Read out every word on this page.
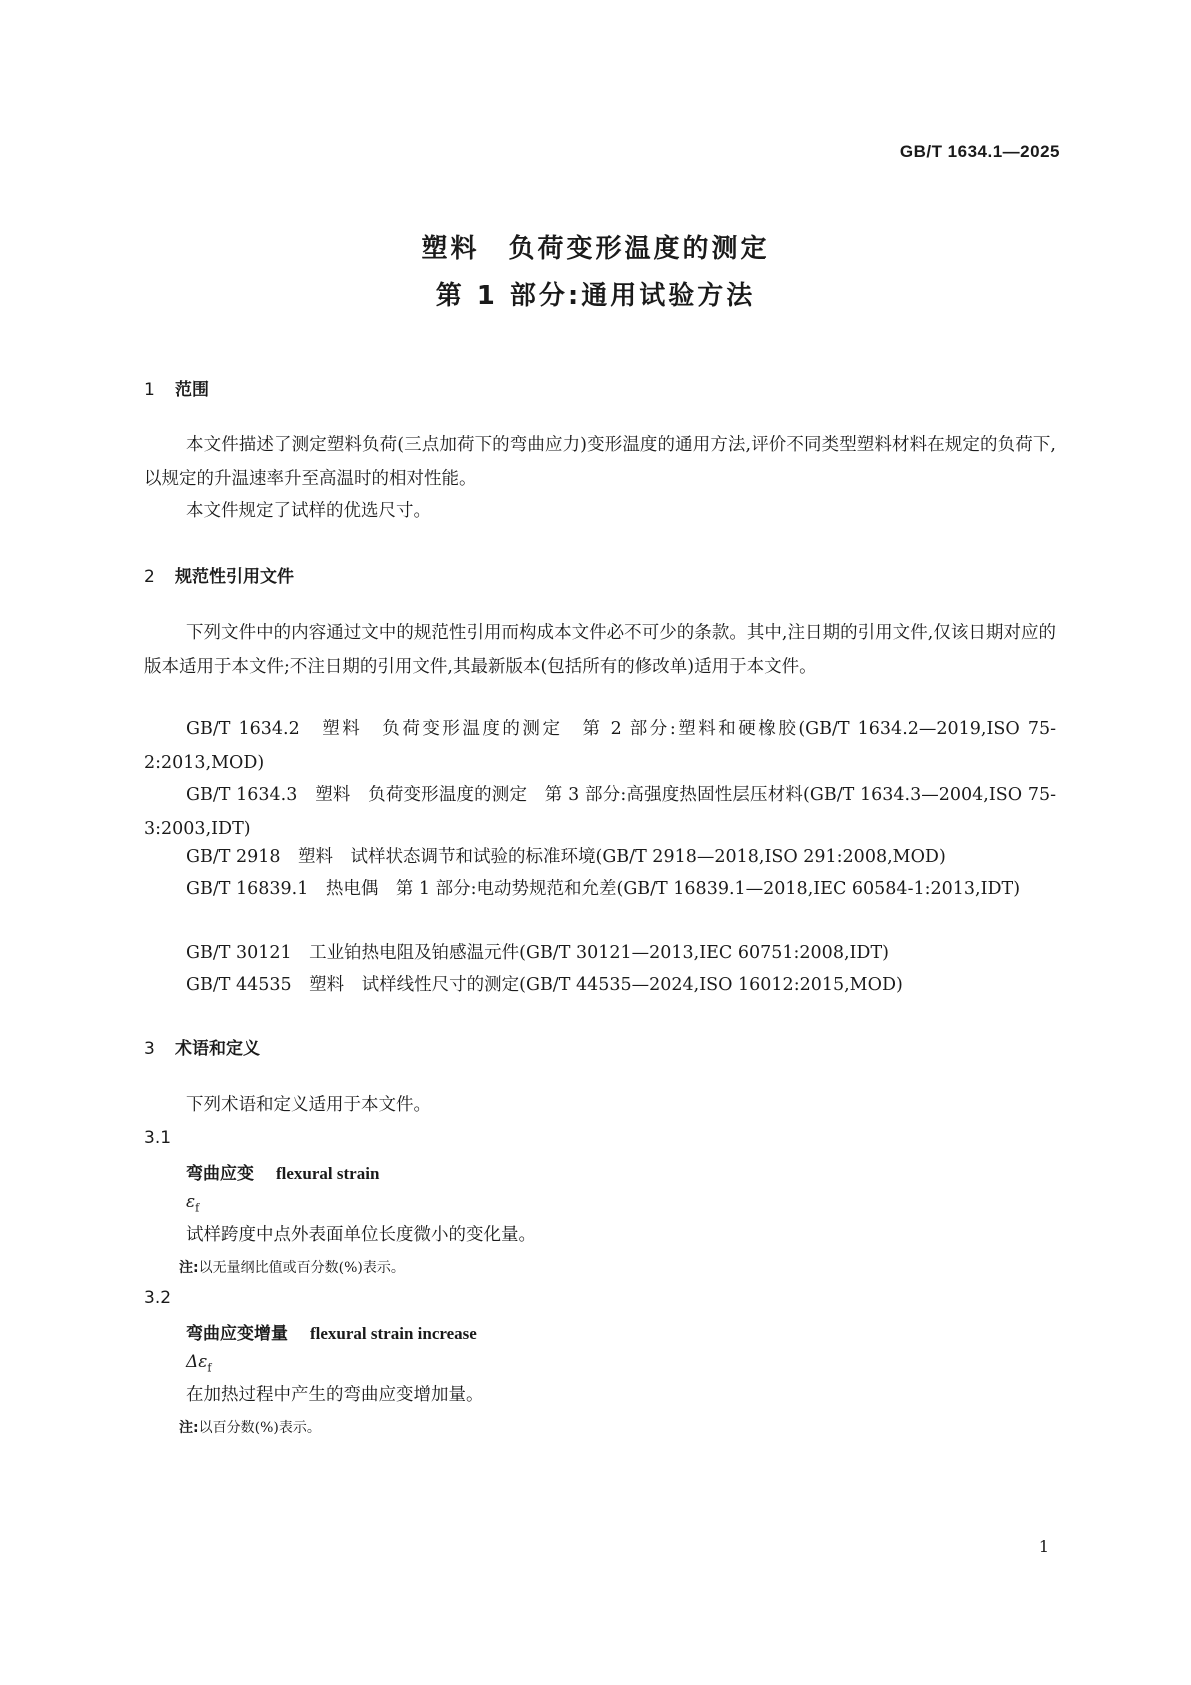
GB/T 1634.1—2025
塑料　负荷变形温度的测定
第 1 部分:通用试验方法
1 范围
本文件描述了测定塑料负荷(三点加荷下的弯曲应力)变形温度的通用方法,评价不同类型塑料材料在规定的负荷下,以规定的升温速率升至高温时的相对性能。
本文件规定了试样的优选尺寸。
2 规范性引用文件
下列文件中的内容通过文中的规范性引用而构成本文件必不可少的条款。其中,注日期的引用文件,仅该日期对应的版本适用于本文件;不注日期的引用文件,其最新版本(包括所有的修改单)适用于本文件。
GB/T 1634.2　塑料　负荷变形温度的测定　第 2 部分:塑料和硬橡胶(GB/T 1634.2—2019,ISO 75-2:2013,MOD)
GB/T 1634.3　塑料　负荷变形温度的测定　第 3 部分:高强度热固性层压材料(GB/T 1634.3—2004,ISO 75-3:2003,IDT)
GB/T 2918　塑料　试样状态调节和试验的标准环境(GB/T 2918—2018,ISO 291:2008,MOD)
GB/T 16839.1　热电偶　第 1 部分:电动势规范和允差(GB/T 16839.1—2018,IEC 60584-1:2013,IDT)
GB/T 30121　工业铂热电阻及铂感温元件(GB/T 30121—2013,IEC 60751:2008,IDT)
GB/T 44535　塑料　试样线性尺寸的测定(GB/T 44535—2024,ISO 16012:2015,MOD)
3 术语和定义
下列术语和定义适用于本文件。
3.1
弯曲应变 flexural strain
$\varepsilon_f$
试样跨度中点外表面单位长度微小的变化量。
注:以无量纲比值或百分数(%)表示。
3.2
弯曲应变增量 flexural strain increase
$\Delta\varepsilon_f$
在加热过程中产生的弯曲应变增加量。
注:以百分数(%)表示。
1
